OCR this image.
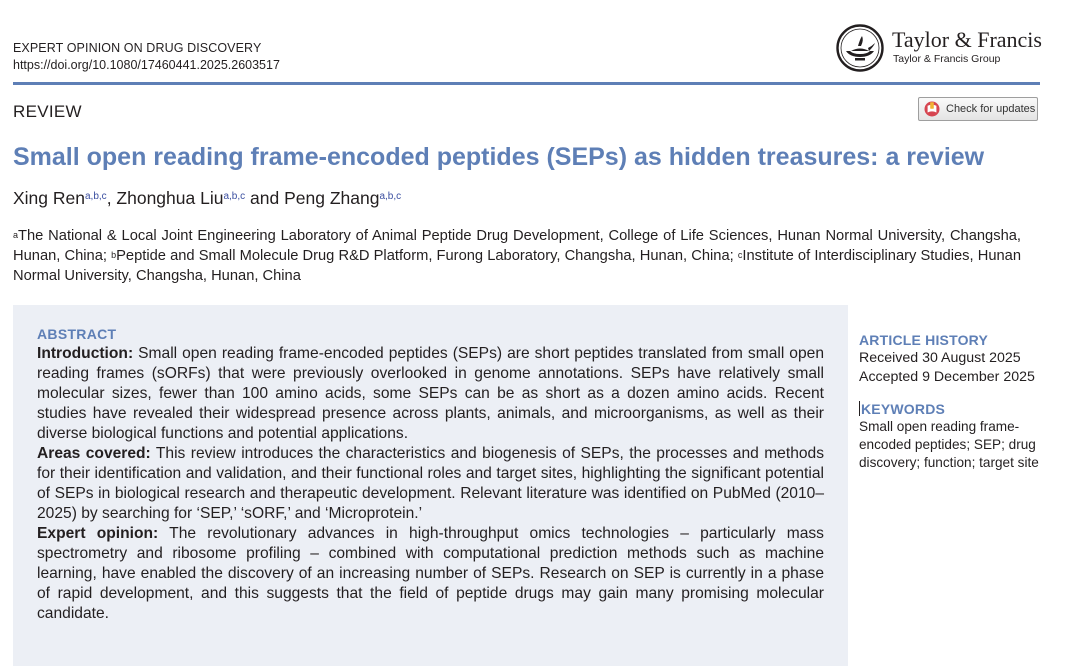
EXPERT OPINION ON DRUG DISCOVERY
https://doi.org/10.1080/17460441.2025.2603517
Taylor & Francis
Taylor & Francis Group
REVIEW	Check for updates
Small open reading frame-encoded peptides (SEPs) as hidden treasures: a review
Xing Ren$^{a,b,c}$, Zhonghua Liu$^{a,b,c}$ and Peng Zhang$^{a,b,c}$
$^a$The National & Local Joint Engineering Laboratory of Animal Peptide Drug Development, College of Life Sciences, Hunan Normal University, Changsha, Hunan, China; $^b$Peptide and Small Molecule Drug R&D Platform, Furong Laboratory, Changsha, Hunan, China; $^c$Institute of Interdisciplinary Studies, Hunan Normal University, Changsha, Hunan, China
ABSTRACT

Introduction: Small open reading frame-encoded peptides (SEPs) are short peptides translated from small open reading frames (sORFs) that were previously overlooked in genome annotations. SEPs have relatively small molecular sizes, fewer than 100 amino acids, some SEPs can be as short as a dozen amino acids. Recent studies have revealed their widespread presence across plants, animals, and microorganisms, as well as their diverse biological functions and potential applications.

Areas covered: This review introduces the characteristics and biogenesis of SEPs, the processes and methods for their identification and validation, and their functional roles and target sites, highlighting the significant potential of SEPs in biological research and therapeutic development. Relevant literature was identified on PubMed (2010–2025) by searching for ‘SEP,’ ‘sORF,’ and ‘Microprotein.’

Expert opinion: The revolutionary advances in high-throughput omics technologies – particularly mass spectrometry and ribosome profiling – combined with computational prediction methods such as machine learning, have enabled the discovery of an increasing number of SEPs. Research on SEP is currently in a phase of rapid development, and this suggests that the field of peptide drugs may gain many promising molecular candidate.

ARTICLE HISTORY
Received 30 August 2025
Accepted 9 December 2025
KEYWORDS
Small open reading frame-encoded peptides; SEP; drug discovery; function; target site
